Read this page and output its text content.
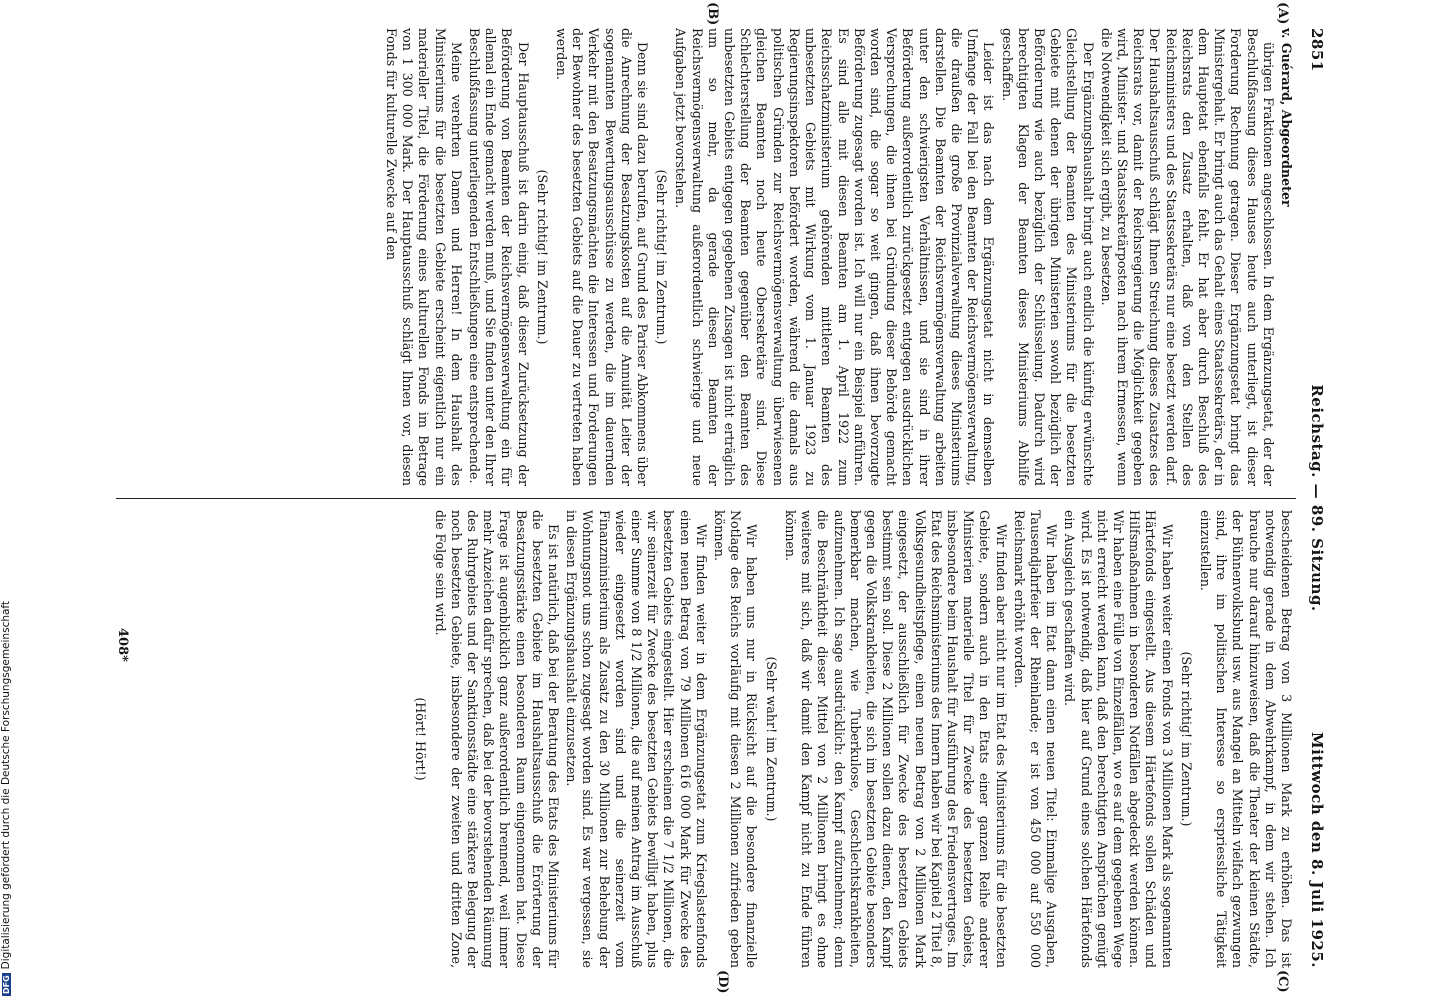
2851
Reichstag. — 89. Sitzung.
Mittwoch den 8. Juli 1925.
(A)
(B)
(C)
(D)

v. Guérard, Abgeordneter

übrigen Fraktionen angeschlossen. In dem Ergänzungsetat, der der Beschlußfassung dieses Hauses heute auch unterliegt, ist dieser Forderung Rechnung getragen. Dieser Ergänzungsetat bringt das Ministergehalt. Er bringt auch das Gehalt eines Staatssekretärs, der in dem Hauptetat ebenfalls fehlt. Er hat aber durch Beschluß des Reichsrats den Zusatz erhalten, daß von den Stellen des Reichsministers und des Staatssekretärs nur eine besetzt werden darf. Der Haushaltsausschuß schlägt Ihnen Streichung dieses Zusatzes des Reichsrats vor, damit der Reichsregierung die Möglichkeit gegeben wird, Minister- und Staatssekretärposten nach ihrem Ermessen, wenn die Notwendigkeit sich ergibt, zu besetzen.

Der Ergänzungshaushalt bringt auch endlich die künftig erwünschte Gleichstellung der Beamten des Ministeriums für die besetzten Gebiete mit denen der übrigen Ministerien sowohl bezüglich der Beförderung wie auch bezüglich der Schlüsselung. Dadurch wird berechtigten Klagen der Beamten dieses Ministeriums Abhilfe geschaffen.

Leider ist das nach dem Ergänzungsetat nicht in demselben Umfange der Fall bei den Beamten der Reichsvermögensverwaltung, die draußen die große Provinzialverwaltung dieses Ministeriums darstellen. Die Beamten der Reichsvermögensverwaltung arbeiten unter den schwierigsten Verhältnissen, und sie sind in ihrer Beförderung außerordentlich zurückgesetzt entgegen ausdrücklichen Versprechungen, die ihnen bei Gründung dieser Behörde gemacht worden sind, die sogar so weit gingen, daß ihnen bevorzugte Beförderung zugesagt worden ist. Ich will nur ein Beispiel anführen. Es sind alle mit diesen Beamten am 1. April 1922 zum Reichsschatzministerium gehörenden mittleren Beamten des unbesetzten Gebiets mit Wirkung vom 1. Januar 1923 zu Regierungsinspektoren befördert worden, während die damals aus politischen Gründen zur Reichsvermögensverwaltung überwiesenen gleichen Beamten noch heute Obersekretäre sind. Diese Schlechterstellung der Beamten gegenüber den Beamten des unbesetzten Gebiets entgegen gegebenen Zusagen ist nicht erträglich um so mehr, da gerade diesen Beamten der Reichsvermögensverwaltung außerordentlich schwierige und neue Aufgaben jetzt bevorstehen.

(Sehr richtig! im Zentrum.)

Denn sie sind dazu berufen, auf Grund des Pariser Abkommens über die Anrechnung der Besatzungskosten auf die Annuität Leiter der sogenannten Bewertungsausschüsse zu werden, die im dauernden Verkehr mit den Besatzungsmächten die Interessen und Forderungen der Bewohner des besetzten Gebiets auf die Dauer zu vertreten haben werden.

(Sehr richtig! im Zentrum.)

Der Hauptausschuß ist darin einig, daß dieser Zurücksetzung der Beförderung von Beamten der Reichsvermögensverwaltung ein für allemal ein Ende gemacht werden muß, und Sie finden unter den Ihrer Beschlußfassung unterliegenden Entschließungen eine entsprechende.

Meine verehrten Damen und Herren! In dem Haushalt des Ministeriums für die besetzten Gebiete erscheint eigentlich nur ein materieller Titel, die Förderung eines kulturellen Fonds im Betrage von 1 300 000 Mark. Der Hauptausschuß schlägt Ihnen vor, diesen Fonds für kulturelle Zwecke auf den

bescheidenen Betrag von 3 Millionen Mark zu erhöhen. Das ist notwendig gerade in dem Abwehrkampf, in dem wir stehen. Ich brauche nur darauf hinzuweisen, daß die Theater der kleinen Städte, der Bühnenvolksbund usw. aus Mangel an Mitteln vielfach gezwungen sind, ihre im politischen Interesse so erspriessliche Tätigkeit einzustellen.

(Sehr richtig! im Zentrum.)

Wir haben weiter einen Fonds von 3 Millionen Mark als sogenannten Härtefonds eingestellt. Aus diesem Härtefonds sollen Schäden und Hilfsmaßnahmen in besonderen Notfällen abgedeckt werden können. Wir haben eine Fülle von Einzelfällen, wo es auf dem gegebenen Wege nicht erreicht werden kann, daß den berechtigten Ansprüchen genügt wird. Es ist notwendig, daß hier auf Grund eines solchen Härtefonds ein Ausgleich geschaffen wird.

Wir haben im Etat dann einen neuen Titel: Einmalige Ausgaben, Tausendjahrfeier der Rheinlande; er ist von 450 000 auf 550 000 Reichsmark erhöht worden.

Wir finden aber nicht nur im Etat des Ministeriums für die besetzten Gebiete, sondern auch in den Etats einer ganzen Reihe anderer Ministerien materielle Titel für Zwecke des besetzten Gebiets, insbesondere beim Haushalt für Ausführung des Friedensvertrages. Im Etat des Reichsministeriums des Innern haben wir bei Kapitel 2 Titel 8, Volksgesundheitspflege, einen neuen Betrag von 2 Millionen Mark eingesetzt, der ausschließlich für Zwecke des besetzten Gebiets bestimmt sein soll. Diese 2 Millionen sollen dazu dienen, den Kampf gegen die Volkskrankheiten, die sich im besetzten Gebiete besonders bemerkbar machen, wie Tuberkulose, Geschlechtskrankheiten, aufzunehmen. Ich sage ausdrücklich: den Kampf aufzunehmen; denn die Beschränktheit dieser Mittel von 2 Millionen bringt es ohne weiteres mit sich, daß wir damit den Kampf nicht zu Ende führen können.

(Sehr wahr! im Zentrum.)

Wir haben uns nur in Rücksicht auf die besondere finanzielle Notlage des Reichs vorläufig mit diesen 2 Millionen zufrieden geben können.

Wir finden weiter in dem Ergänzungsetat zum Kriegslastenfonds einen neuen Betrag von 79 Millionen 616 000 Mark für Zwecke des besetzten Gebiets eingestellt. Hier erscheinen die 7 1/2 Millionen, die wir seinerzeit für Zwecke des besetzten Gebiets bewilligt haben, plus einer Summe von 8 1/2 Millionen, die auf meinen Antrag im Ausschuß wieder eingesetzt worden sind und die seinerzeit vom Finanzministerium als Zusatz zu den 30 Millionen zur Behebung der Wohnungsnot uns schon zugesagt worden sind. Es war vergessen, sie in diesen Ergänzungshaushalt einzusetzen.

Es ist natürlich, daß bei der Beratung des Etats des Ministeriums für die besetzten Gebiete im Haushaltsausschuß die Erörterung der Besatzungsstärke einen besonderen Raum eingenommen hat. Diese Frage ist augenblicklich ganz außerordentlich brennend, weil immer mehr Anzeichen dafür sprechen, daß bei der bevorstehenden Räumung des Ruhrgebiets und der Sanktionsstädte eine stärkere Belegung der noch besetzten Gebiete, insbesondere der zweiten und dritten Zone, die Folge sein wird.

(Hört! Hört!)

408*
DFGDigitalisierung gefördert durch die Deutsche Forschungsgemeinschaft
